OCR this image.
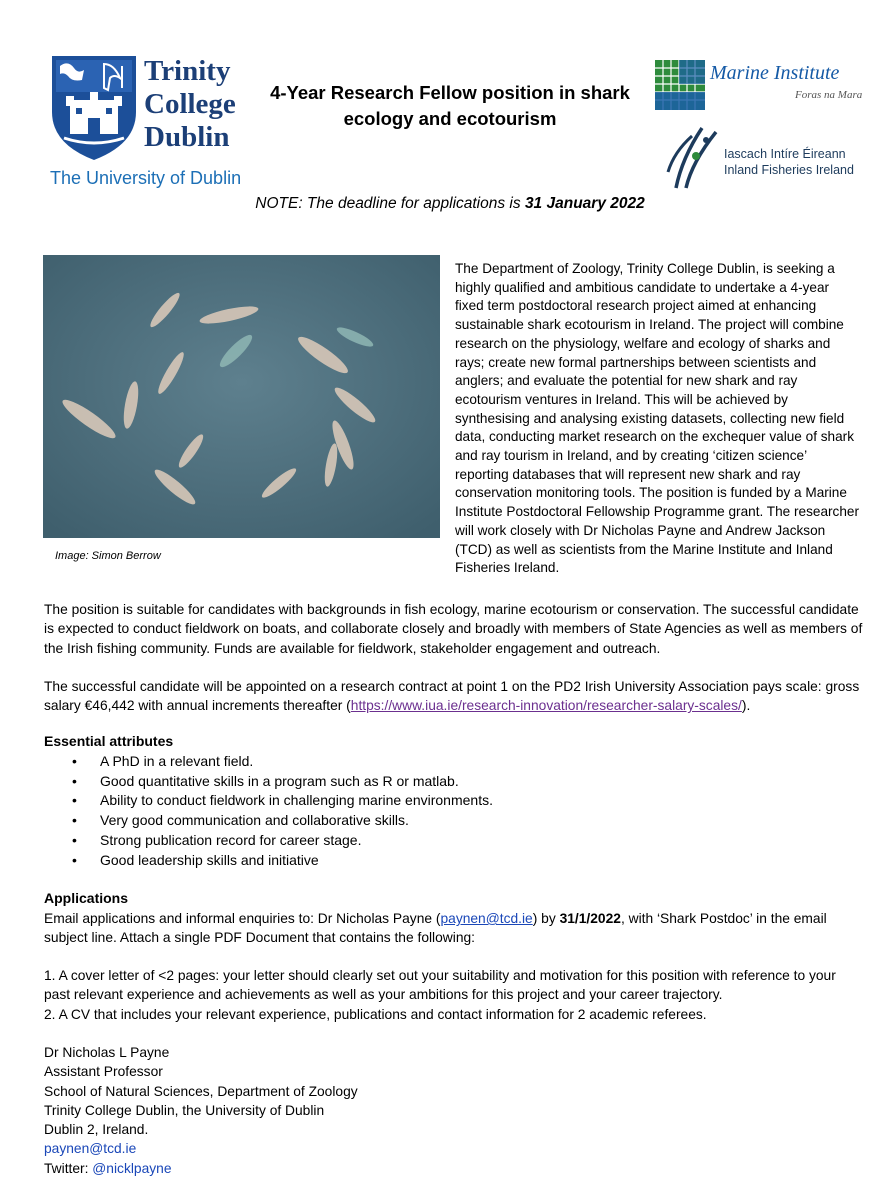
Trinity
College
Dublin
The University of Dublin
4-Year Research Fellow position in shark
ecology and ecotourism
Marine Institute
Foras na Mara
Iascach Intíre Éireann
Inland Fisheries Ireland
NOTE: The deadline for applications is 31 January 2022
Image: Simon Berrow
The Department of Zoology, Trinity College Dublin, is seeking a highly qualified and ambitious candidate to undertake a 4-year fixed term postdoctoral research project aimed at enhancing sustainable shark ecotourism in Ireland. The project will combine research on the physiology, welfare and ecology of sharks and rays; create new formal partnerships between scientists and anglers; and evaluate the potential for new shark and ray ecotourism ventures in Ireland. This will be achieved by synthesising and analysing existing datasets, collecting new field data, conducting market research on the exchequer value of shark and ray tourism in Ireland, and by creating ‘citizen science’ reporting databases that will represent new shark and ray conservation monitoring tools. The position is funded by a Marine Institute Postdoctoral Fellowship Programme grant. The researcher will work closely with Dr Nicholas Payne and Andrew Jackson (TCD) as well as scientists from the Marine Institute and Inland Fisheries Ireland.
The position is suitable for candidates with backgrounds in fish ecology, marine ecotourism or conservation. The successful candidate is expected to conduct fieldwork on boats, and collaborate closely and broadly with members of State Agencies as well as members of the Irish fishing community. Funds are available for fieldwork, stakeholder engagement and outreach.
The successful candidate will be appointed on a research contract at point 1 on the PD2 Irish University Association pays scale: gross salary €46,442 with annual increments thereafter (https://www.iua.ie/research-innovation/researcher-salary-scales/).
Essential attributes
• A PhD in a relevant field.
• Good quantitative skills in a program such as R or matlab.
• Ability to conduct fieldwork in challenging marine environments.
• Very good communication and collaborative skills.
• Strong publication record for career stage.
• Good leadership skills and initiative
Applications
Email applications and informal enquiries to: Dr Nicholas Payne (paynen@tcd.ie) by 31/1/2022, with ‘Shark Postdoc’ in the email subject line. Attach a single PDF Document that contains the following:
1. A cover letter of <2 pages: your letter should clearly set out your suitability and motivation for this position with reference to your past relevant experience and achievements as well as your ambitions for this project and your career trajectory.
2. A CV that includes your relevant experience, publications and contact information for 2 academic referees.
Dr Nicholas L Payne
Assistant Professor
School of Natural Sciences, Department of Zoology
Trinity College Dublin, the University of Dublin
Dublin 2, Ireland.
paynen@tcd.ie
Twitter: @nicklpayne
